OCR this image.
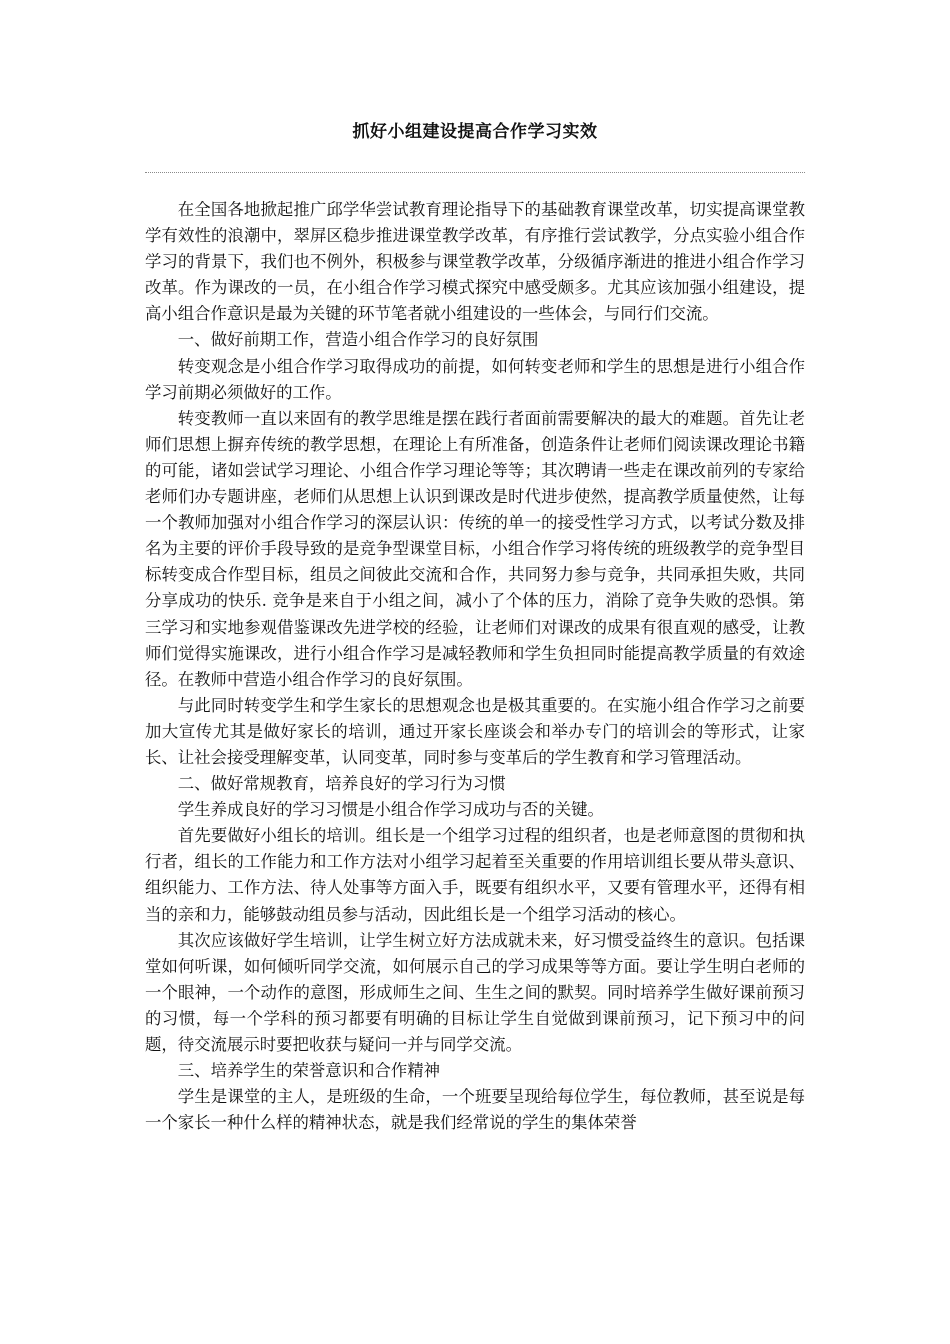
抓好小组建设提高合作学习实效

在全国各地掀起推广邱学华尝试教育理论指导下的基础教育课堂改革，切实提高课堂教学有效性的浪潮中，翠屏区稳步推进课堂教学改革，有序推行尝试教学，分点实验小组合作学习的背景下，我们也不例外，积极参与课堂教学改革，分级循序渐进的推进小组合作学习改革。作为课改的一员，在小组合作学习模式探究中感受颇多。尤其应该加强小组建设，提高小组合作意识是最为关键的环节笔者就小组建设的一些体会，与同行们交流。

一、做好前期工作，营造小组合作学习的良好氛围

转变观念是小组合作学习取得成功的前提，如何转变老师和学生的思想是进行小组合作学习前期必须做好的工作。

转变教师一直以来固有的教学思维是摆在践行者面前需要解决的最大的难题。首先让老师们思想上摒弃传统的教学思想，在理论上有所准备，创造条件让老师们阅读课改理论书籍的可能，诸如尝试学习理论、小组合作学习理论等等；其次聘请一些走在课改前列的专家给老师们办专题讲座，老师们从思想上认识到课改是时代进步使然，提高教学质量使然，让每一个教师加强对小组合作学习的深层认识：传统的单一的接受性学习方式，以考试分数及排名为主要的评价手段导致的是竞争型课堂目标，小组合作学习将传统的班级教学的竞争型目标转变成合作型目标，组员之间彼此交流和合作，共同努力参与竞争，共同承担失败，共同分享成功的快乐. 竞争是来自于小组之间，减小了个体的压力，消除了竞争失败的恐惧。第三学习和实地参观借鉴课改先进学校的经验，让老师们对课改的成果有很直观的感受，让教师们觉得实施课改，进行小组合作学习是减轻教师和学生负担同时能提高教学质量的有效途径。在教师中营造小组合作学习的良好氛围。

与此同时转变学生和学生家长的思想观念也是极其重要的。在实施小组合作学习之前要加大宣传尤其是做好家长的培训，通过开家长座谈会和举办专门的培训会的等形式，让家长、让社会接受理解变革，认同变革，同时参与变革后的学生教育和学习管理活动。

二、做好常规教育，培养良好的学习行为习惯

学生养成良好的学习习惯是小组合作学习成功与否的关键。

首先要做好小组长的培训。组长是一个组学习过程的组织者，也是老师意图的贯彻和执行者，组长的工作能力和工作方法对小组学习起着至关重要的作用培训组长要从带头意识、组织能力、工作方法、待人处事等方面入手，既要有组织水平，又要有管理水平，还得有相当的亲和力，能够鼓动组员参与活动，因此组长是一个组学习活动的核心。

其次应该做好学生培训，让学生树立好方法成就未来，好习惯受益终生的意识。包括课堂如何听课，如何倾听同学交流，如何展示自己的学习成果等等方面。要让学生明白老师的一个眼神，一个动作的意图，形成师生之间、生生之间的默契。同时培养学生做好课前预习的习惯，每一个学科的预习都要有明确的目标让学生自觉做到课前预习，记下预习中的问题，待交流展示时要把收获与疑问一并与同学交流。

三、培养学生的荣誉意识和合作精神

学生是课堂的主人，是班级的生命，一个班要呈现给每位学生，每位教师，甚至说是每一个家长一种什么样的精神状态，就是我们经常说的学生的集体荣誉
